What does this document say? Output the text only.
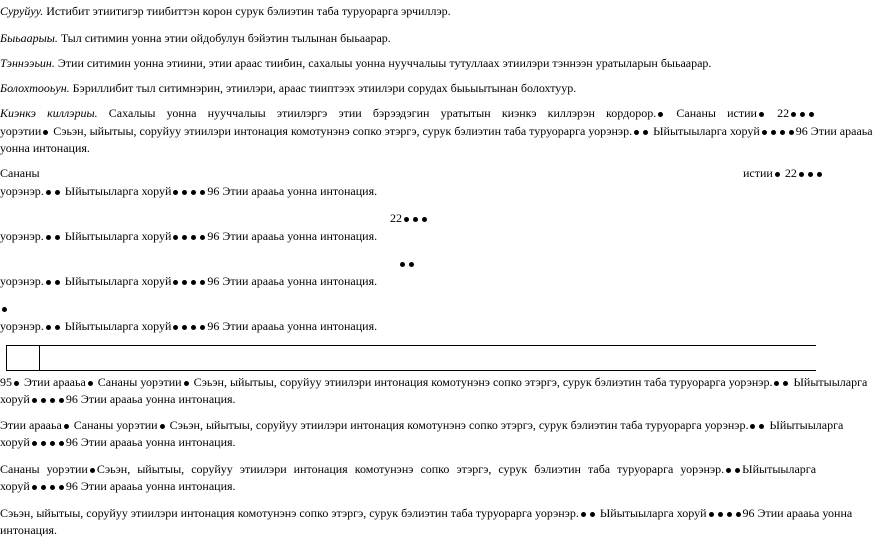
Суруйуу. Истибит этиитигэр тиибиттэн корон сурук бэлиэтин таба туруорарга эрчиллэр.
Быьаарыы. Тыл ситимин уонна этии ойдобулун бэйэтин тылынан быьаарар.
Тэннээьин. Этии ситимин уонна этиини, этии араас тиибин, сахалыы уонна нууччалыы тутуллаах этиилэри тэннээн уратыларын быьаарар.
Болохтооьун. Бэриллибит тыл ситимнэрин, этиилэри, араас тииптээх этиилэри сорудах быьыытынан болохтуур.
Киэнкэ киллэриы. Сахалыы уонна нууччалыы этиилэргэ этии бэрээдэгин уратытын киэнкэ киллэрэн кордорор. Сананы истии 22
уорэтии Сэьэн, ыйытыы, соруйуу этиилэри интонация комотунэнэ сопко этэргэ, сурук бэлиэтин таба туруорарга уорэнэр. Ыйытыыларга хоруй	96 Этии арааьа
уонна интонация.
Сананы	истии 22
уорэнэр. Ыйытыыларга хоруй	96 Этии арааьа уонна интонация.
22
уорэнэр. Ыйытыыларга хоруй	96 Этии арааьа уонна интонация.
уорэнэр. Ыйытыыларга хоруй	96 Этии арааьа уонна интонация.
уорэнэр. Ыйытыыларга хоруй	96 Этии арааьа уонна интонация.
95 Этии арааьа Сананы уорэтии Сэьэн, ыйытыы, соруйуу этиилэри интонация комотунэнэ сопко этэргэ, сурук бэлиэтин таба туруорарга уорэнэр. Ыйытыыларга
хоруй	96 Этии арааьа уонна интонация.
Этии арааьа Сананы уорэтии Сэьэн, ыйытыы, соруйуу этиилэри интонация комотунэнэ сопко этэргэ, сурук бэлиэтин таба туруорарга уорэнэр. Ыйытыыларга
хоруй	96 Этии арааьа уонна интонация.
Сананы уорэтии Сэьэн, ыйытыы, соруйуу этиилэри интонация комотунэнэ сопко этэргэ, сурук бэлиэтин таба туруорарга уорэнэр. Ыйытыыларга
хоруй	96 Этии арааьа уонна интонация.
Сэьэн, ыйытыы, соруйуу этиилэри интонация комотунэнэ сопко этэргэ, сурук бэлиэтин таба туруорарга уорэнэр. Ыйытыыларга хоруй	96 Этии арааьа уонна
интонация.
